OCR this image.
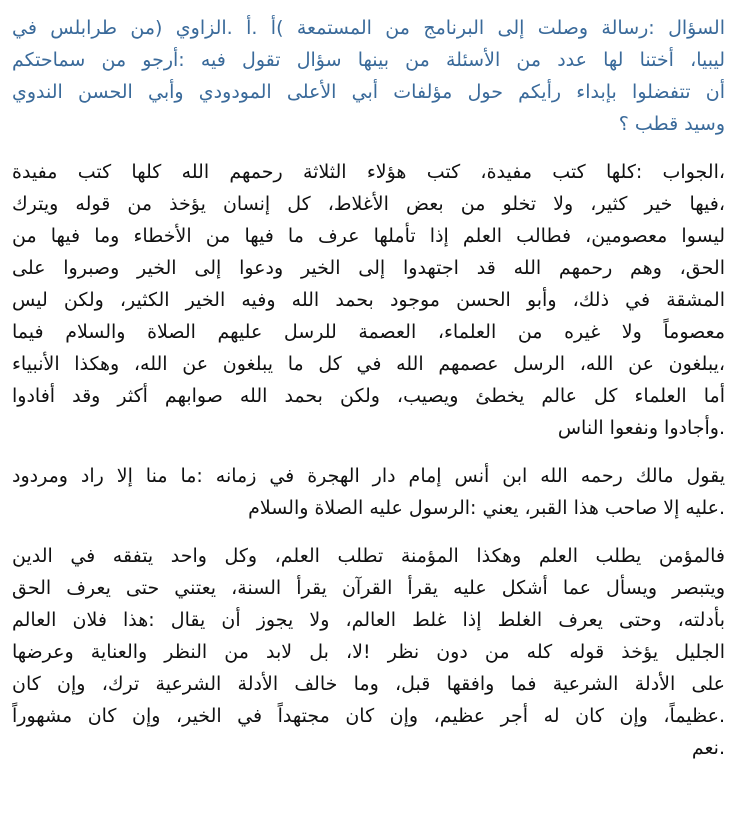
السؤال :رسالة وصلت إلى البرنامج من المستمعة )أ .أ .الزاوي (من طرابلس في
ليبيا، أختنا لها عدد من الأسئلة من بينها سؤال تقول فيه :أرجو من سماحتكم
أن تتفضلوا بإبداء رأيكم حول مؤلفات أبي الأعلى المودودي وأبي الحسن الندوي
وسيد قطب ؟
،الجواب :كلها كتب مفيدة، كتب هؤلاء الثلاثة رحمهم الله كلها كتب مفيدة
،فيها خير كثير، ولا تخلو من بعض الأغلاط، كل إنسان يؤخذ من قوله ويترك
ليسوا معصومين، فطالب العلم إذا تأملها عرف ما فيها من الأخطاء وما فيها من
الحق، وهم رحمهم الله قد اجتهدوا إلى الخير ودعوا إلى الخير وصبروا على
المشقة في ذلك، وأبو الحسن موجود بحمد الله وفيه الخير الكثير، ولكن ليس
معصوماً ولا غيره من العلماء، العصمة للرسل عليهم الصلاة والسلام فيما
،يبلغون عن الله، الرسل عصمهم الله في كل ما يبلغون عن الله، وهكذا الأنبياء
أما العلماء كل عالم يخطئ ويصيب، ولكن بحمد الله صوابهم أكثر وقد أفادوا
.وأجادوا ونفعوا الناس
يقول مالك رحمه الله ابن أنس إمام دار الهجرة في زمانه :ما منا إلا راد ومردود
.عليه إلا صاحب هذا القبر، يعني :الرسول عليه الصلاة والسلام
فالمؤمن يطلب العلم وهكذا المؤمنة تطلب العلم، وكل واحد يتفقه في الدين
ويتبصر ويسأل عما أشكل عليه يقرأ القرآن يقرأ السنة، يعتني حتى يعرف الحق
بأدلته، وحتى يعرف الغلط إذا غلط العالم، ولا يجوز أن يقال :هذا فلان العالم
الجليل يؤخذ قوله كله من دون نظر !لا، بل لابد من النظر والعناية وعرضها
على الأدلة الشرعية فما وافقها قبل، وما خالف الأدلة الشرعية ترك، وإن كان
.عظيماً، وإن كان له أجر عظيم، وإن كان مجتهداً في الخير، وإن كان مشهوراً
.نعم
